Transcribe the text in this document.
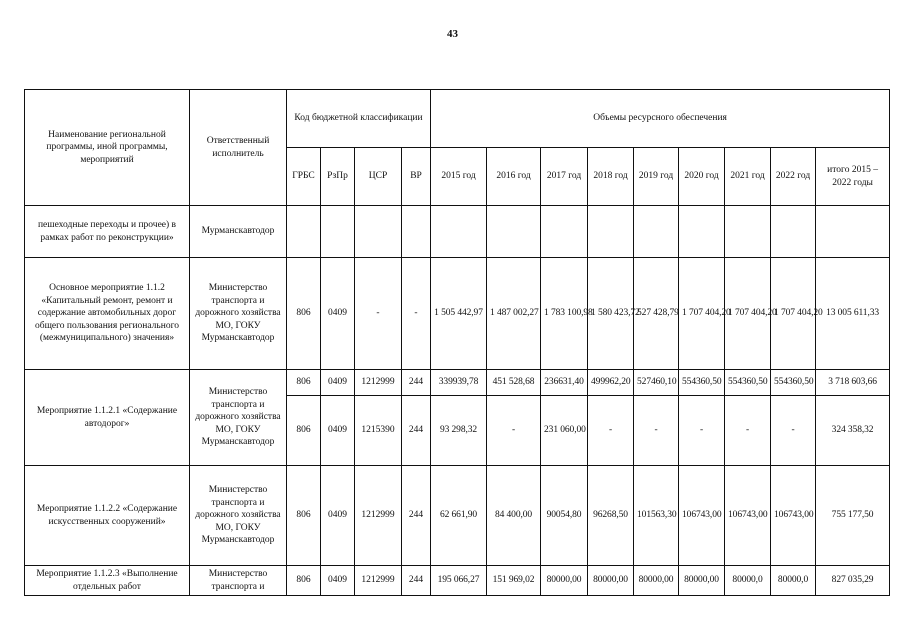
43
Наименование региональной программы, иной программы, мероприятий	Ответственный исполнитель	Код бюджетной классификации				Объемы ресурсного обеспечения								
		ГРБС	РзПр	ЦСР	ВР	2015 год	2016 год	2017 год	2018 год	2019 год	2020 год	2021 год	2022 год	итого 2015 – 2022 годы
пешеходные переходы и прочее) в рамках работ по реконструкции»	Мурманскавтодор													
Основное мероприятие 1.1.2 «Капитальный ремонт, ремонт и содержание автомобильных дорог общего пользования регионального (межмуниципального) значения»	Министерство транспорта и дорожного хозяйства МО, ГОКУ Мурманскавтодор	806	0409	-	-	1 505 442,97	1 487 002,27	1 783 100,98	1 580 423,72	527 428,79	1 707 404,20	1 707 404,20	1 707 404,20	13 005 611,33
Мероприятие 1.1.2.1 «Содержание автодорог»	Министерство транспорта и дорожного хозяйства МО, ГОКУ Мурманскавтодор	806	0409	1212999	244	339939,78	451 528,68	236631,40	499962,20	527460,10	554360,50	554360,50	554360,50	3 718 603,66
		806	0409	1215390	244	93 298,32	-	231 060,00	-	-	-	-	-	324 358,32
Мероприятие 1.1.2.2 «Содержание искусственных сооружений»	Министерство транспорта и дорожного хозяйства МО, ГОКУ Мурманскавтодор	806	0409	1212999	244	62 661,90	84 400,00	90054,80	96268,50	101563,30	106743,00	106743,00	106743,00	755 177,50
Мероприятие 1.1.2.3 «Выполнение отдельных работ	Министерство транспорта и	806	0409	1212999	244	195 066,27	151 969,02	80000,00	80000,00	80000,00	80000,00	80000,0	80000,0	827 035,29
